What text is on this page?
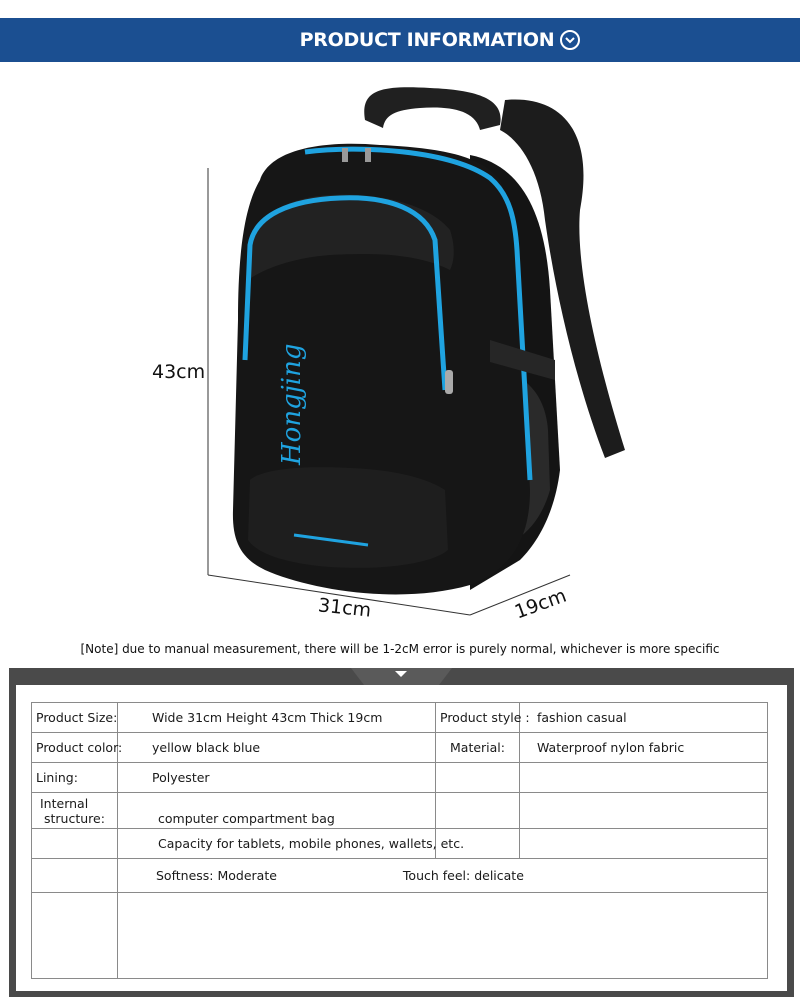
PRODUCT INFORMATION
Hongjing
43cm
31cm	19cm
[Note] due to manual measurement, there will be 1-2cM error is purely normal, whichever is more specific
Product Size:	Wide 31cm Height 43cm Thick 19cm	Product style :	fashion casual
Product color:	yellow black blue	Material:	Waterproof nylon fabric
Lining:	Polyester		

Internal
structure:	computer compartment bag		
	Capacity for tablets, mobile phones, wallets, etc.		
	Softness: Moderate Touch feel: delicate		
